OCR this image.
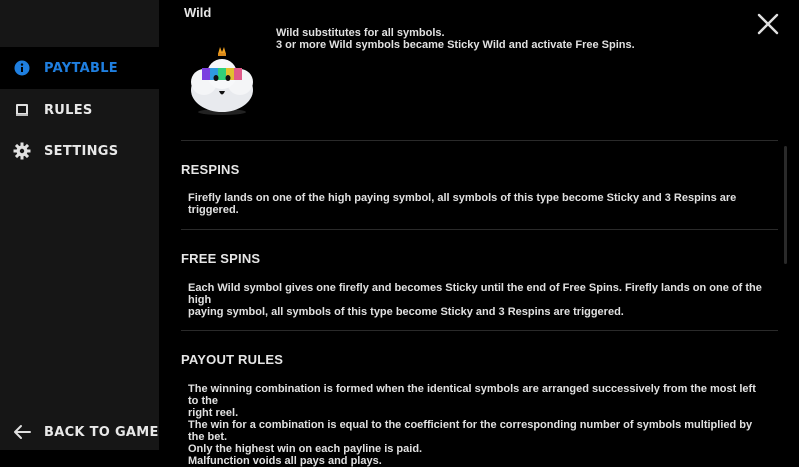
PAYTABLE
RULES
SETTINGS
BACK TO GAME
Wild
Wild substitutes for all symbols.
3 or more Wild symbols became Sticky Wild and activate Free Spins.
RESPINS
Firefly lands on one of the high paying symbol, all symbols of this type become Sticky and 3 Respins are triggered.
FREE SPINS
Each Wild symbol gives one firefly and becomes Sticky until the end of Free Spins. Firefly lands on one of the high
paying symbol, all symbols of this type become Sticky and 3 Respins are triggered.
PAYOUT RULES
The winning combination is formed when the identical symbols are arranged successively from the most left to the
right reel.
The win for a combination is equal to the coefficient for the corresponding number of symbols multiplied by the bet.
Only the highest win on each payline is paid.
Malfunction voids all pays and plays.
